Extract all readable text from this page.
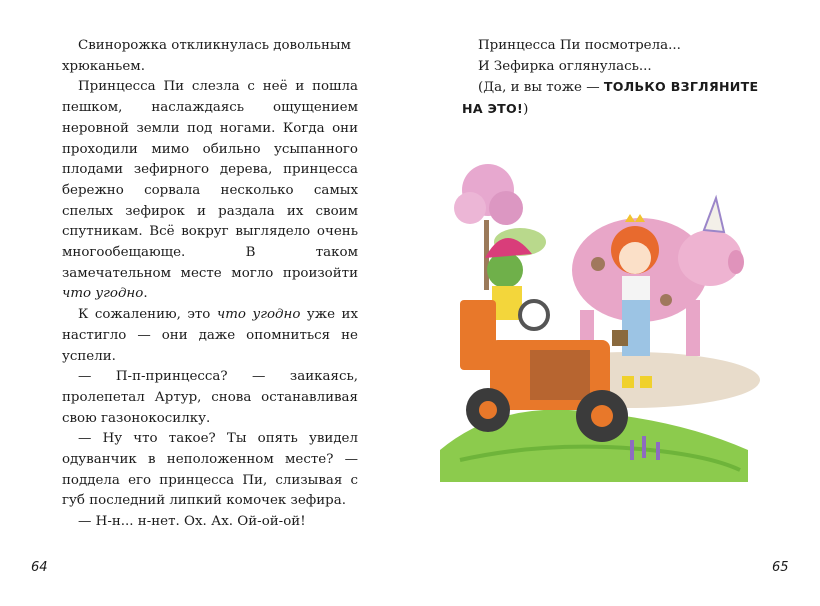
Свинорожка откликнулась довольным хрюканьем.

Принцесса Пи слезла с неё и пошла пешком, наслаждаясь ощущением неровной земли под ногами. Когда они проходили мимо обильно усыпанного плодами зефирного дерева, принцесса бережно сорвала несколько самых спелых зефирок и раздала их своим спутникам. Всё вокруг выглядело очень многообещающе. В таком замечательном месте могло произойти что угодно.

К сожалению, это что угодно уже их настигло — они даже опомниться не успели.

— П-п-принцесса? — заикаясь, пролепетал Артур, снова останавливая свою газонокосилку.

— Ну что такое? Ты опять увидел одуванчик в неположенном месте? — поддела его принцесса Пи, слизывая с губ последний липкий комочек зефира.

— Н-н... н-нет. Ох. Ах. Ой-ой-ой!

64

Принцесса Пи посмотрела...

И Зефирка оглянулась...

(Да, и вы тоже — ТОЛЬКО ВЗГЛЯНИТЕ

НА ЭТО!)

65
